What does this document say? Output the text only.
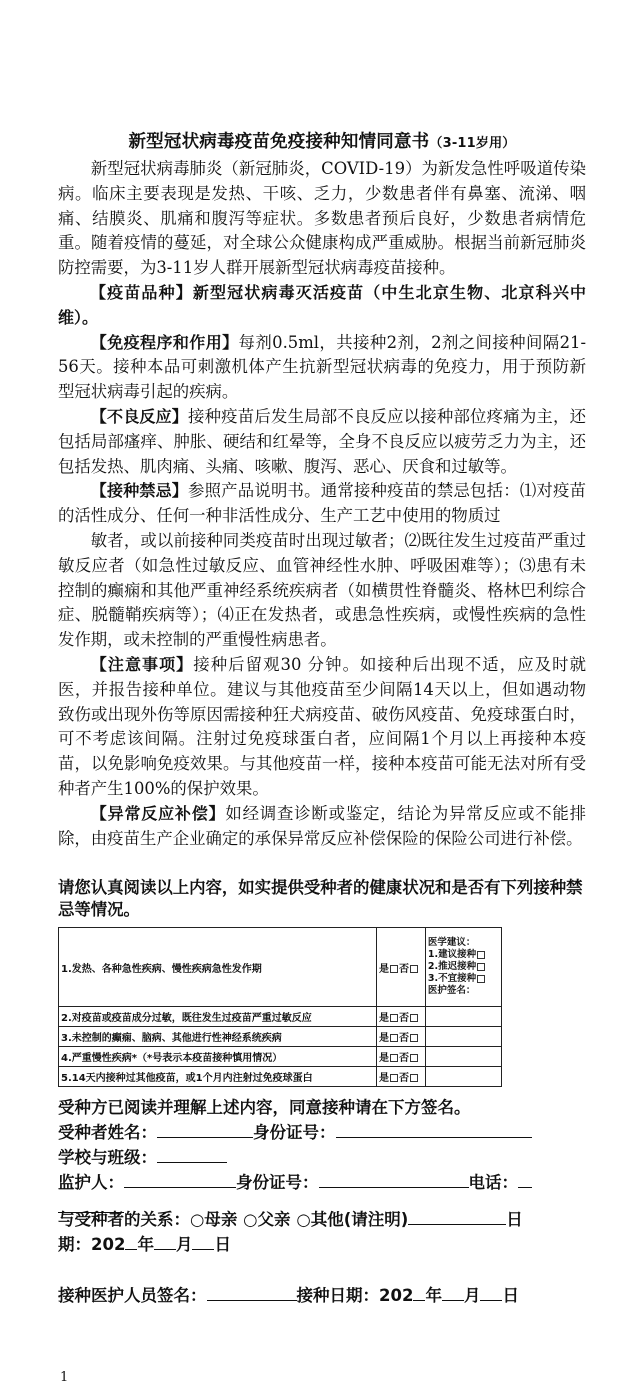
新型冠状病毒疫苗免疫接种知情同意书（3-11岁用）

新型冠状病毒肺炎（新冠肺炎，COVID-19）为新发急性呼吸道传染病。临床主要表现是发热、干咳、乏力，少数患者伴有鼻塞、流涕、咽痛、结膜炎、肌痛和腹泻等症状。多数患者预后良好，少数患者病情危重。随着疫情的蔓延，对全球公众健康构成严重威胁。根据当前新冠肺炎防控需要，为3-11岁人群开展新型冠状病毒疫苗接种。

【疫苗品种】新型冠状病毒灭活疫苗（中生北京生物、北京科兴中维）。

【免疫程序和作用】每剂0.5ml，共接种2剂，2剂之间接种间隔21-56天。接种本品可刺激机体产生抗新型冠状病毒的免疫力，用于预防新型冠状病毒引起的疾病。

【不良反应】接种疫苗后发生局部不良反应以接种部位疼痛为主，还包括局部瘙痒、肿胀、硬结和红晕等，全身不良反应以疲劳乏力为主，还包括发热、肌肉痛、头痛、咳嗽、腹泻、恶心、厌食和过敏等。

【接种禁忌】参照产品说明书。通常接种疫苗的禁忌包括：⑴对疫苗的活性成分、任何一种非活性成分、生产工艺中使用的物质过

敏者，或以前接种同类疫苗时出现过敏者；⑵既往发生过疫苗严重过敏反应者（如急性过敏反应、血管神经性水肿、呼吸困难等）；⑶患有未控制的癫痫和其他严重神经系统疾病者（如横贯性脊髓炎、格林巴利综合症、脱髓鞘疾病等）；⑷正在发热者，或患急性疾病，或慢性疾病的急性发作期，或未控制的严重慢性病患者。

【注意事项】接种后留观30 分钟。如接种后出现不适，应及时就医，并报告接种单位。建议与其他疫苗至少间隔14天以上，但如遇动物致伤或出现外伤等原因需接种狂犬病疫苗、破伤风疫苗、免疫球蛋白时，可不考虑该间隔。注射过免疫球蛋白者，应间隔1个月以上再接种本疫苗，以免影响免疫效果。与其他疫苗一样，接种本疫苗可能无法对所有受种者产生100%的保护效果。

【异常反应补偿】如经调查诊断或鉴定，结论为异常反应或不能排除，由疫苗生产企业确定的承保异常反应补偿保险的保险公司进行补偿。

请您认真阅读以上内容，如实提供受种者的健康状况和是否有下列接种禁忌等情况。
1.发热、各种急性疾病、慢性疾病急性发作期	是 否	医学建议：
1.建议接种
2.推迟接种
3.不宜接种
医护签名：

2.对疫苗或疫苗成分过敏，既往发生过疫苗严重过敏反应	是 否	
3.未控制的癫痫、脑病、其他进行性神经系统疾病	是 否	
4.严重慢性疾病*（*号表示本疫苗接种慎用情况）	是 否	
5.14天内接种过其他疫苗，或1个月内注射过免疫球蛋白	是 否	
受种方已阅读并理解上述内容，同意接种请在下方签名。
受种者姓名：	身份证号：
学校与班级：
监护人：	身份证号：	电话：
与受种者的关系：○母亲 ○父亲 ○其他(请注明)	日
期：202 年 月 日
接种医护人员签名：	接种日期：202 年 月 日
1
